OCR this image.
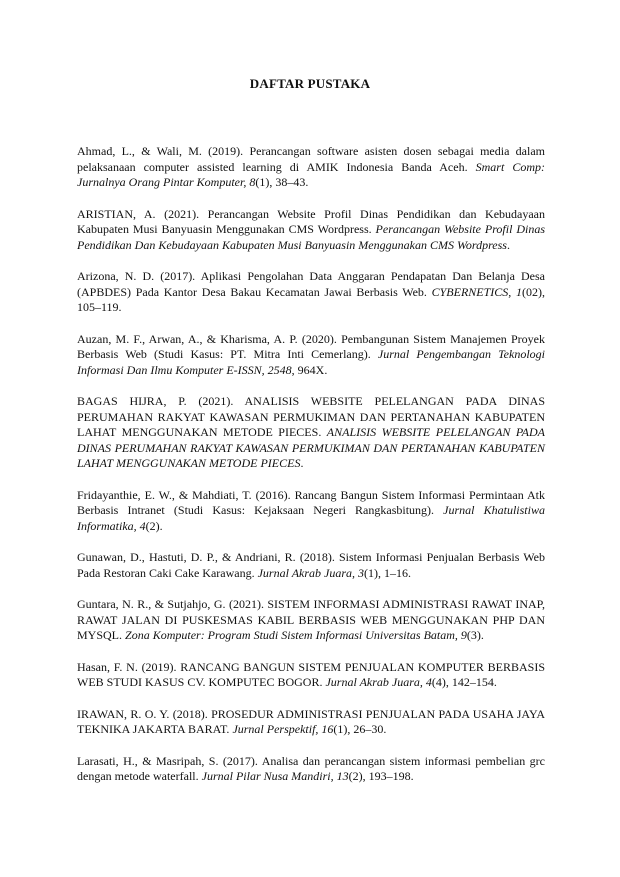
DAFTAR PUSTAKA

Ahmad, L., & Wali, M. (2019). Perancangan software asisten dosen sebagai media dalam pelaksanaan computer assisted learning di AMIK Indonesia Banda Aceh. Smart Comp: Jurnalnya Orang Pintar Komputer, 8(1), 38–43.

ARISTIAN, A. (2021). Perancangan Website Profil Dinas Pendidikan dan Kebudayaan Kabupaten Musi Banyuasin Menggunakan CMS Wordpress. Perancangan Website Profil Dinas Pendidikan Dan Kebudayaan Kabupaten Musi Banyuasin Menggunakan CMS Wordpress.

Arizona, N. D. (2017). Aplikasi Pengolahan Data Anggaran Pendapatan Dan Belanja Desa (APBDES) Pada Kantor Desa Bakau Kecamatan Jawai Berbasis Web. CYBERNETICS, 1(02), 105–119.

Auzan, M. F., Arwan, A., & Kharisma, A. P. (2020). Pembangunan Sistem Manajemen Proyek Berbasis Web (Studi Kasus: PT. Mitra Inti Cemerlang). Jurnal Pengembangan Teknologi Informasi Dan Ilmu Komputer E-ISSN, 2548, 964X.

BAGAS HIJRA, P. (2021). ANALISIS WEBSITE PELELANGAN PADA DINAS PERUMAHAN RAKYAT KAWASAN PERMUKIMAN DAN PERTANAHAN KABUPATEN LAHAT MENGGUNAKAN METODE PIECES. ANALISIS WEBSITE PELELANGAN PADA DINAS PERUMAHAN RAKYAT KAWASAN PERMUKIMAN DAN PERTANAHAN KABUPATEN LAHAT MENGGUNAKAN METODE PIECES.

Fridayanthie, E. W., & Mahdiati, T. (2016). Rancang Bangun Sistem Informasi Permintaan Atk Berbasis Intranet (Studi Kasus: Kejaksaan Negeri Rangkasbitung). Jurnal Khatulistiwa Informatika, 4(2).

Gunawan, D., Hastuti, D. P., & Andriani, R. (2018). Sistem Informasi Penjualan Berbasis Web Pada Restoran Caki Cake Karawang. Jurnal Akrab Juara, 3(1), 1–16.

Guntara, N. R., & Sutjahjo, G. (2021). SISTEM INFORMASI ADMINISTRASI RAWAT INAP, RAWAT JALAN DI PUSKESMAS KABIL BERBASIS WEB MENGGUNAKAN PHP DAN MYSQL. Zona Komputer: Program Studi Sistem Informasi Universitas Batam, 9(3).

Hasan, F. N. (2019). RANCANG BANGUN SISTEM PENJUALAN KOMPUTER BERBASIS WEB STUDI KASUS CV. KOMPUTEC BOGOR. Jurnal Akrab Juara, 4(4), 142–154.

IRAWAN, R. O. Y. (2018). PROSEDUR ADMINISTRASI PENJUALAN PADA USAHA JAYA TEKNIKA JAKARTA BARAT. Jurnal Perspektif, 16(1), 26–30.

Larasati, H., & Masripah, S. (2017). Analisa dan perancangan sistem informasi pembelian grc dengan metode waterfall. Jurnal Pilar Nusa Mandiri, 13(2), 193–198.
